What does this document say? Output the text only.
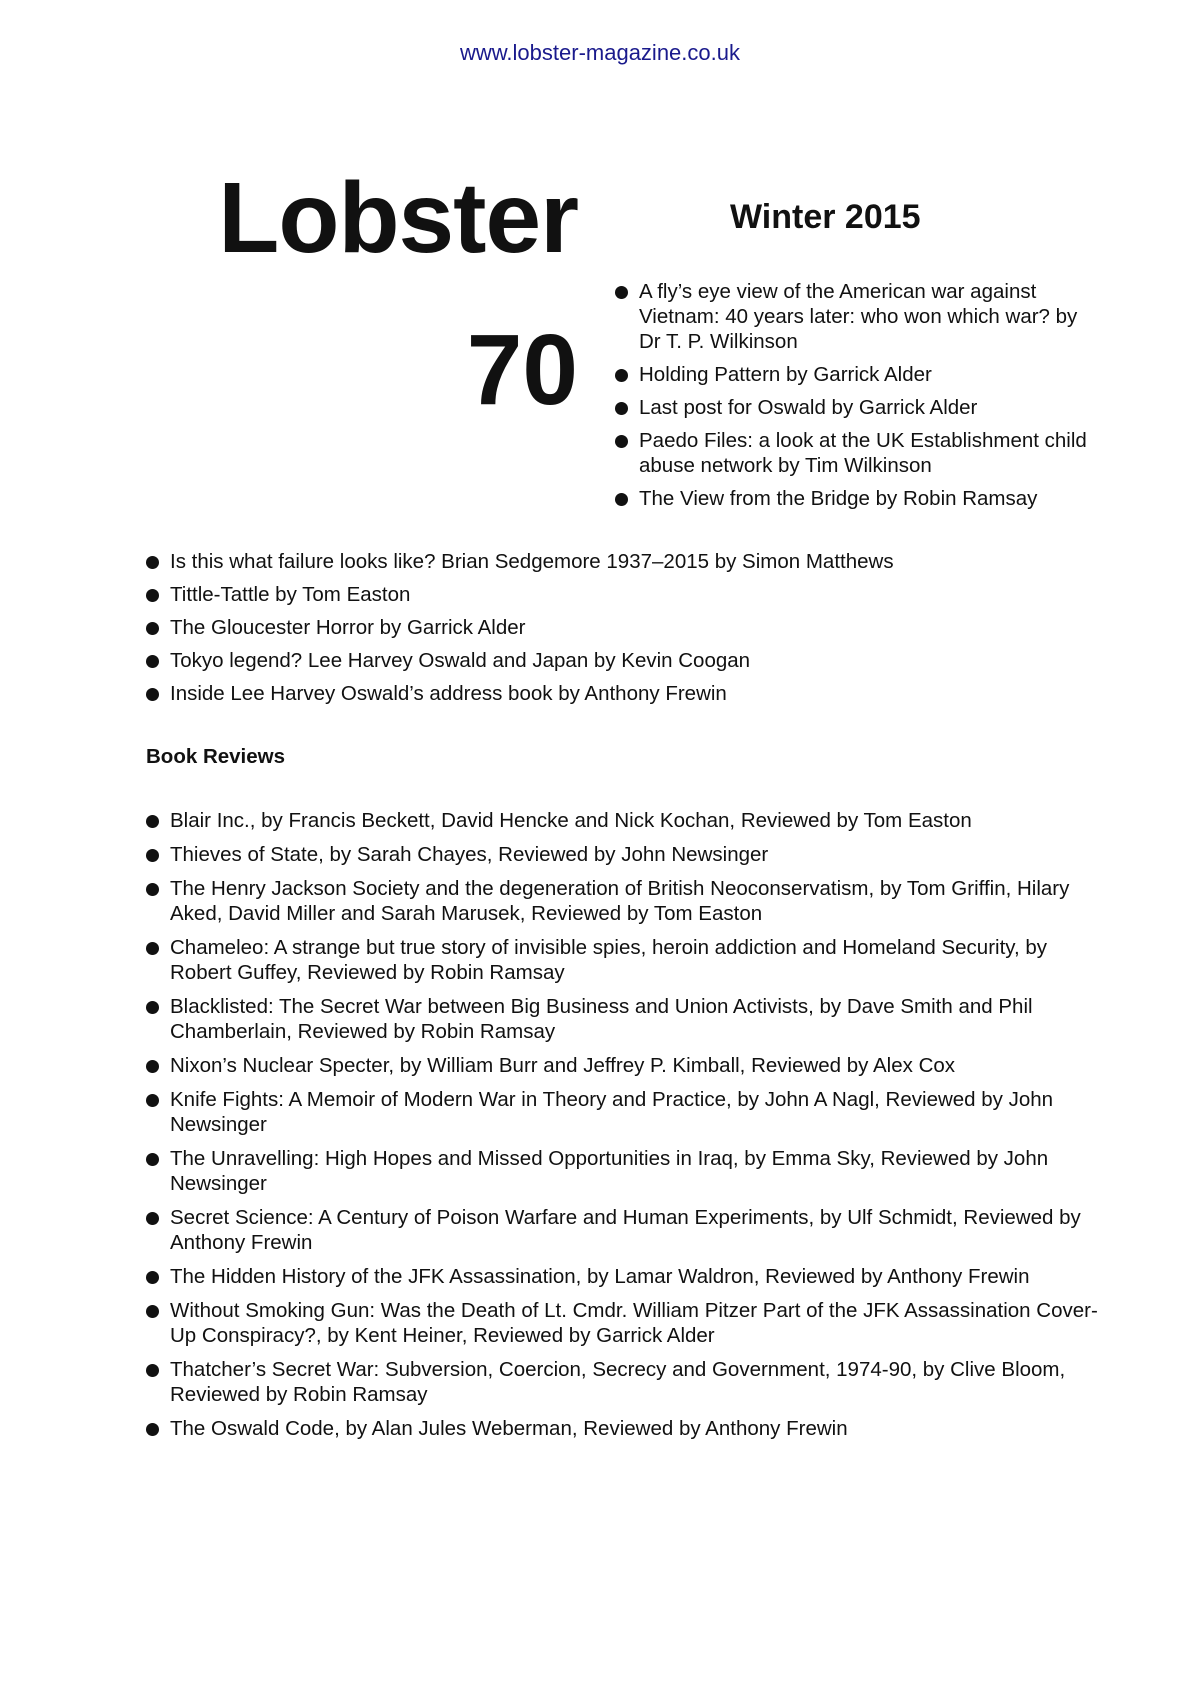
www.lobster-magazine.co.uk
Lobster
70
Winter 2015
A fly’s eye view of the American war against Vietnam: 40 years later: who won which war? by Dr T. P. Wilkinson
Holding Pattern by Garrick Alder
Last post for Oswald by Garrick Alder
Paedo Files: a look at the UK Establishment child abuse network by Tim Wilkinson
The View from the Bridge by Robin Ramsay
Is this what failure looks like? Brian Sedgemore 1937–2015 by Simon Matthews
Tittle-Tattle by Tom Easton
The Gloucester Horror by Garrick Alder
Tokyo legend? Lee Harvey Oswald and Japan by Kevin Coogan
Inside Lee Harvey Oswald’s address book by Anthony Frewin
Book Reviews
Blair Inc., by Francis Beckett, David Hencke and Nick Kochan, Reviewed by Tom Easton
Thieves of State, by Sarah Chayes, Reviewed by John Newsinger
The Henry Jackson Society and the degeneration of British Neoconservatism, by Tom Griffin, Hilary Aked, David Miller and Sarah Marusek, Reviewed by Tom Easton
Chameleo: A strange but true story of invisible spies, heroin addiction and Homeland Security, by Robert Guffey, Reviewed by Robin Ramsay
Blacklisted: The Secret War between Big Business and Union Activists, by Dave Smith and Phil Chamberlain, Reviewed by Robin Ramsay
Nixon’s Nuclear Specter, by William Burr and Jeffrey P. Kimball, Reviewed by Alex Cox
Knife Fights: A Memoir of Modern War in Theory and Practice, by John A Nagl, Reviewed by John Newsinger
The Unravelling: High Hopes and Missed Opportunities in Iraq, by Emma Sky, Reviewed by John Newsinger
Secret Science: A Century of Poison Warfare and Human Experiments, by Ulf Schmidt, Reviewed by Anthony Frewin
The Hidden History of the JFK Assassination, by Lamar Waldron, Reviewed by Anthony Frewin
Without Smoking Gun: Was the Death of Lt. Cmdr. William Pitzer Part of the JFK Assassination Cover-Up Conspiracy?, by Kent Heiner, Reviewed by Garrick Alder
Thatcher’s Secret War: Subversion, Coercion, Secrecy and Government, 1974-90, by Clive Bloom, Reviewed by Robin Ramsay
The Oswald Code, by Alan Jules Weberman, Reviewed by Anthony Frewin
